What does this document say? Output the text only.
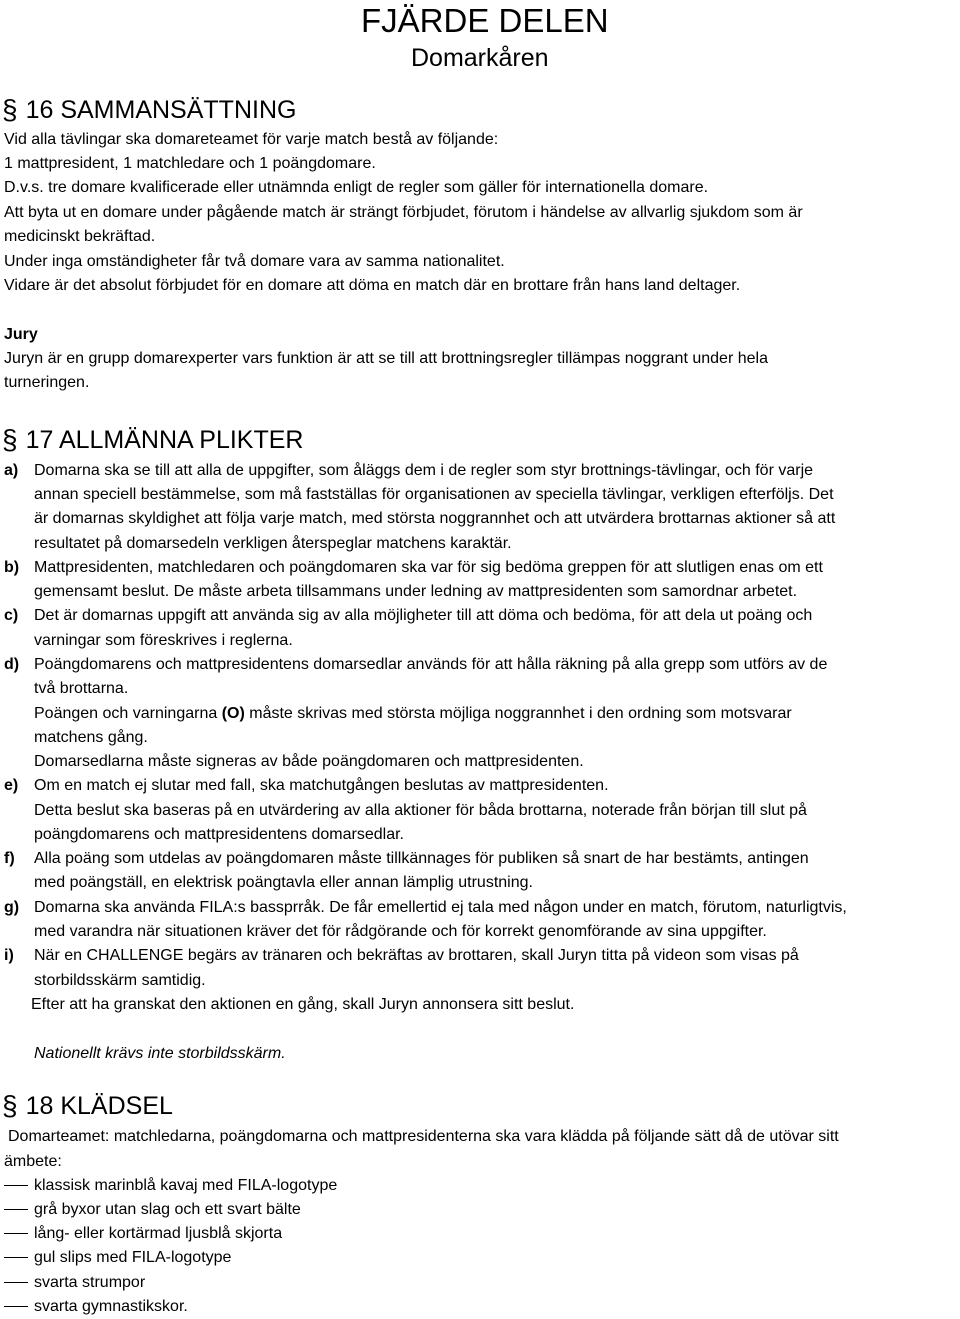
FJÄRDE DELEN
Domarkåren
§ 16 SAMMANSÄTTNING
Vid alla tävlingar ska domareteamet för varje match bestå av följande:
1 mattpresident, 1 matchledare och 1 poängdomare.
D.v.s. tre domare kvalificerade eller utnämnda enligt de regler som gäller för internationella domare.
Att byta ut en domare under pågående match är strängt förbjudet, förutom i händelse av allvarlig sjukdom som är
medicinskt bekräftad.
Under inga omständigheter får två domare vara av samma nationalitet.
Vidare är det absolut förbjudet för en domare att döma en match där en brottare från hans land deltager.
Jury
Juryn är en grupp domarexperter vars funktion är att se till att brottningsregler tillämpas noggrant under hela
turneringen.
§ 17 ALLMÄNNA PLIKTER
a) Domarna ska se till att alla de uppgifter, som åläggs dem i de regler som styr brottnings-tävlingar, och för varje
annan speciell bestämmelse, som må fastställas för organisationen av speciella tävlingar, verkligen efterföljs. Det
är domarnas skyldighet att följa varje match, med största noggrannhet och att utvärdera brottarnas aktioner så att
resultatet på domarsedeln verkligen återspeglar matchens karaktär.
b) Mattpresidenten, matchledaren och poängdomaren ska var för sig bedöma greppen för att slutligen enas om ett
gemensamt beslut. De måste arbeta tillsammans under ledning av mattpresidenten som samordnar arbetet.
c) Det är domarnas uppgift att använda sig av alla möjligheter till att döma och bedöma, för att dela ut poäng och
varningar som föreskrives i reglerna.
d) Poängdomarens och mattpresidentens domarsedlar används för att hålla räkning på alla grepp som utförs av de
två brottarna.
Poängen och varningarna (O) måste skrivas med största möjliga noggrannhet i den ordning som motsvarar
matchens gång.
Domarsedlarna måste signeras av både poängdomaren och mattpresidenten.
e) Om en match ej slutar med fall, ska matchutgången beslutas av mattpresidenten.
Detta beslut ska baseras på en utvärdering av alla aktioner för båda brottarna, noterade från början till slut på
poängdomarens och mattpresidentens domarsedlar.
f) Alla poäng som utdelas av poängdomaren måste tillkännages för publiken så snart de har bestämts, antingen
med poängställ, en elektrisk poängtavla eller annan lämplig utrustning.
g) Domarna ska använda FILA:s bassprråk. De får emellertid ej tala med någon under en match, förutom, naturligtvis,
med varandra när situationen kräver det för rådgörande och för korrekt genomförande av sina uppgifter.
i) När en CHALLENGE begärs av tränaren och bekräftas av brottaren, skall Juryn titta på videon som visas på
storbildsskärm samtidig.
Efter att ha granskat den aktionen en gång, skall Juryn annonsera sitt beslut.
Nationellt krävs inte storbildsskärm.
§ 18 KLÄDSEL
Domarteamet: matchledarna, poängdomarna och mattpresidenterna ska vara klädda på följande sätt då de utövar sitt
ämbete:
klassisk marinblå kavaj med FILA-logotype
grå byxor utan slag och ett svart bälte
lång- eller kortärmad ljusblå skjorta
gul slips med FILA-logotype
svarta strumpor
svarta gymnastikskor.
